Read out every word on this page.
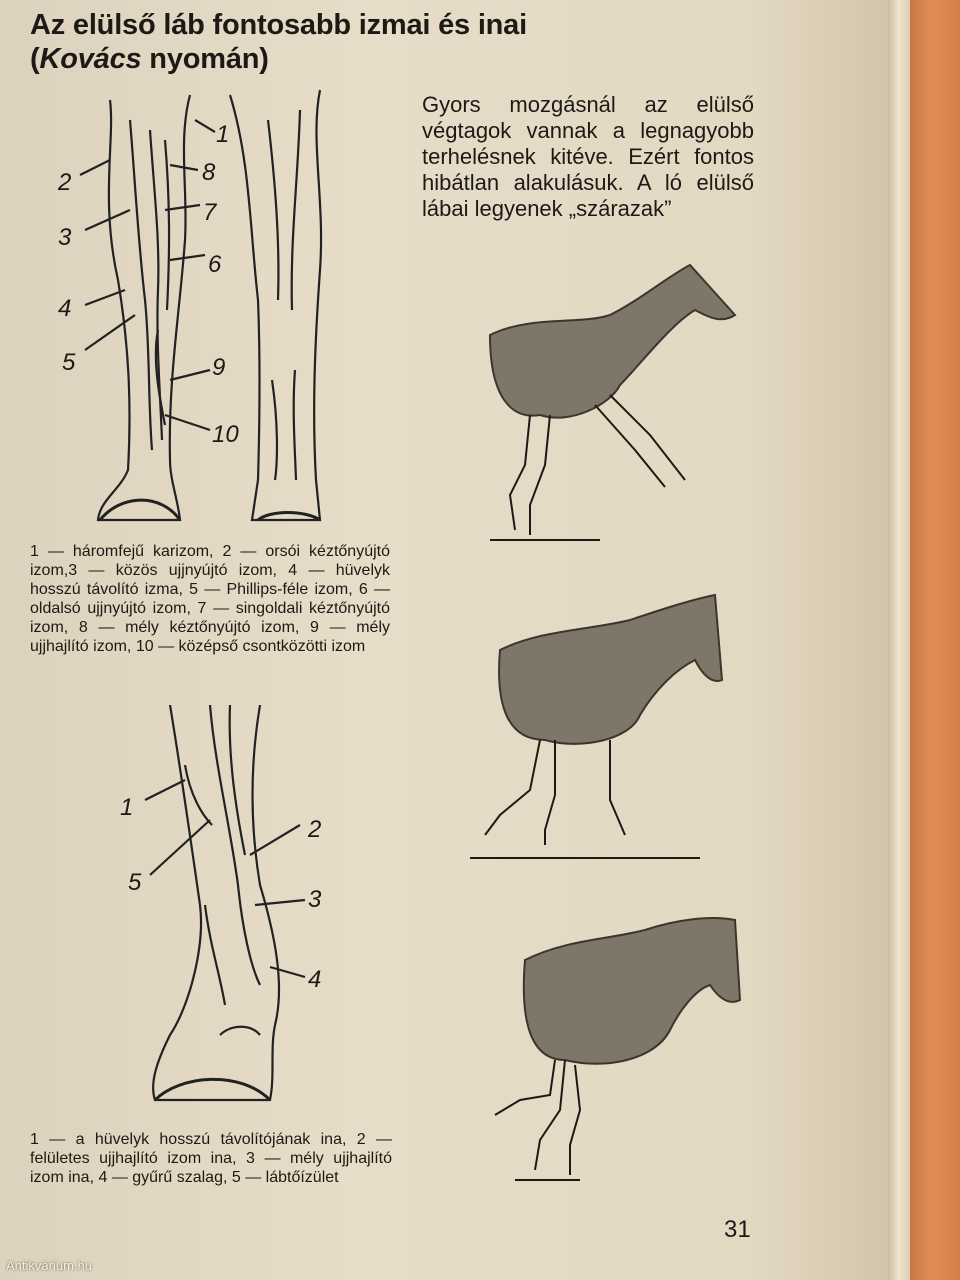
Az elülső láb fontosabb izmai és inai
(Kovács nyomán)

Gyors mozgásnál az elülső végtagok vannak a legnagyobb terhelésnek kitéve. Ezért fontos hibátlan alakulásuk. A ló elülső lábai legyenek „szárazak”

1
2
3
4
5
6
7
8
9
10

1 — háromfejű karizom, 2 — orsói kéztőnyújtó izom,3 — közös ujjnyújtó izom, 4 — hüvelyk hosszú távolító izma, 5 — Phillips-féle izom, 6 — oldalsó ujjnyújtó izom, 7 — singoldali kéztőnyújtó izom, 8 — mély kéztőnyújtó izom, 9 — mély ujjhajlító izom, 10 — középső csontközötti izom

1
2
5
3
4

1 — a hüvelyk hosszú távolítójának ina, 2 — felületes ujjhajlító izom ina, 3 — mély ujjhajlító izom ina, 4 — gyűrű szalag, 5 — lábtőízület

31
Antikvárium.hu
